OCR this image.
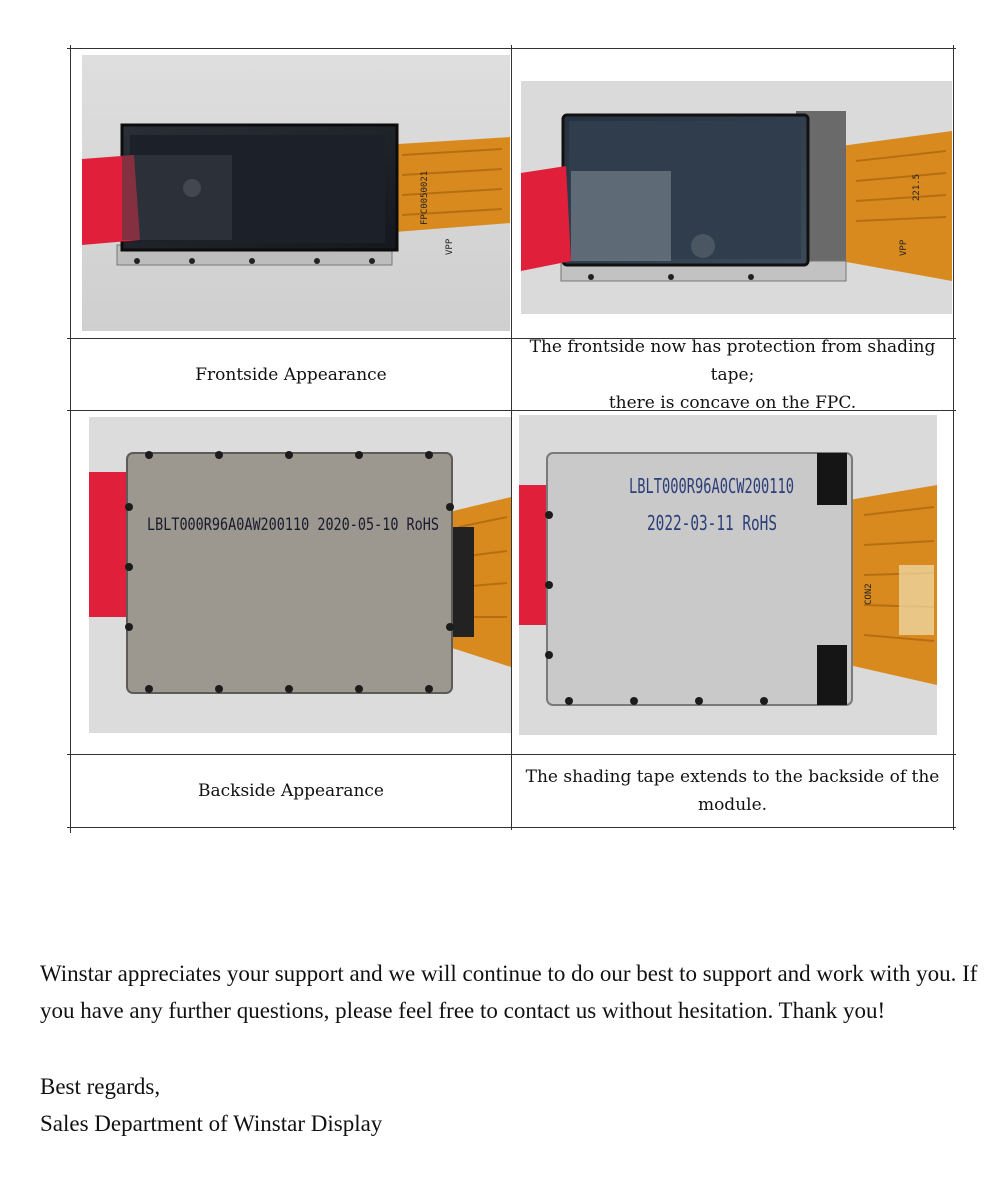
FPC0050021
VPP
221.5
VPP
Frontside Appearance
The frontside now has protection from shading tape;
there is concave on the FPC.
LBLT000R96A0AW200110 2020-05-10 RoHS
CON2
LBLT000R96A0CW200110
2022-03-11 RoHS
Backside Appearance
The shading tape extends to the backside of the
module.
Winstar appreciates your support and we will continue to do our best to support and work with you. If
you have any further questions, please feel free to contact us without hesitation. Thank you!
Best regards,
Sales Department of Winstar Display
